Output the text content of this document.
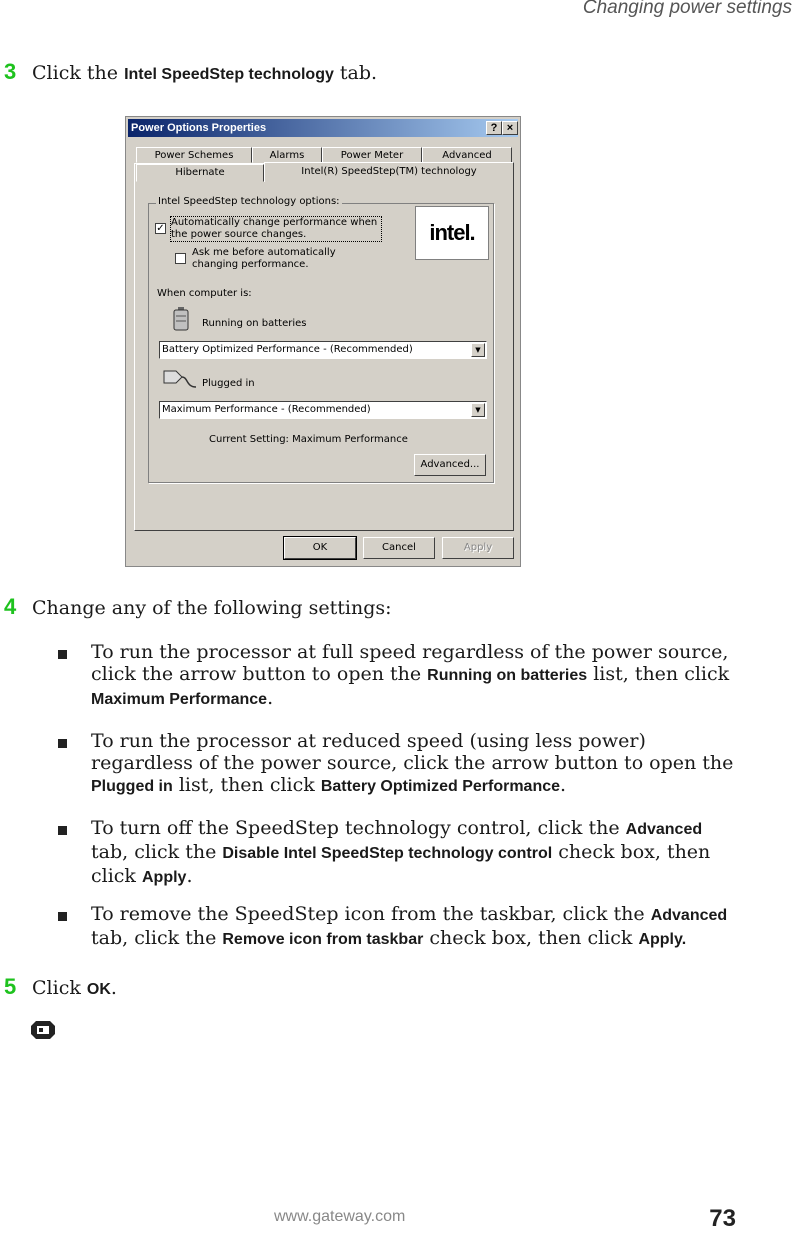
Changing power settings
3 Click the Intel SpeedStep technology tab.
Power Options Properties	? ×
Power Schemes	Alarms	Power Meter	Advanced
Hibernate	Intel(R) SpeedStep(TM) technology
Intel SpeedStep technology options:
✓
Automatically change performance when the power source changes.
Ask me before automatically changing performance.
intel.
When computer is:
Running on batteries
Battery Optimized Performance - (Recommended)	▼
Plugged in
Maximum Performance - (Recommended)	▼
Current Setting: Maximum Performance
Advanced...
OK	Cancel	Apply
4 Change any of the following settings:
To run the processor at full speed regardless of the power source, click the arrow button to open the Running on batteries list, then click Maximum Performance.
To run the processor at reduced speed (using less power) regardless of the power source, click the arrow button to open the Plugged in list, then click Battery Optimized Performance.
To turn off the SpeedStep technology control, click the Advanced tab, click the Disable Intel SpeedStep technology control check box, then click Apply.
To remove the SpeedStep icon from the taskbar, click the Advanced tab, click the Remove icon from taskbar check box, then click Apply.
5 Click OK.
www.gateway.com	73
